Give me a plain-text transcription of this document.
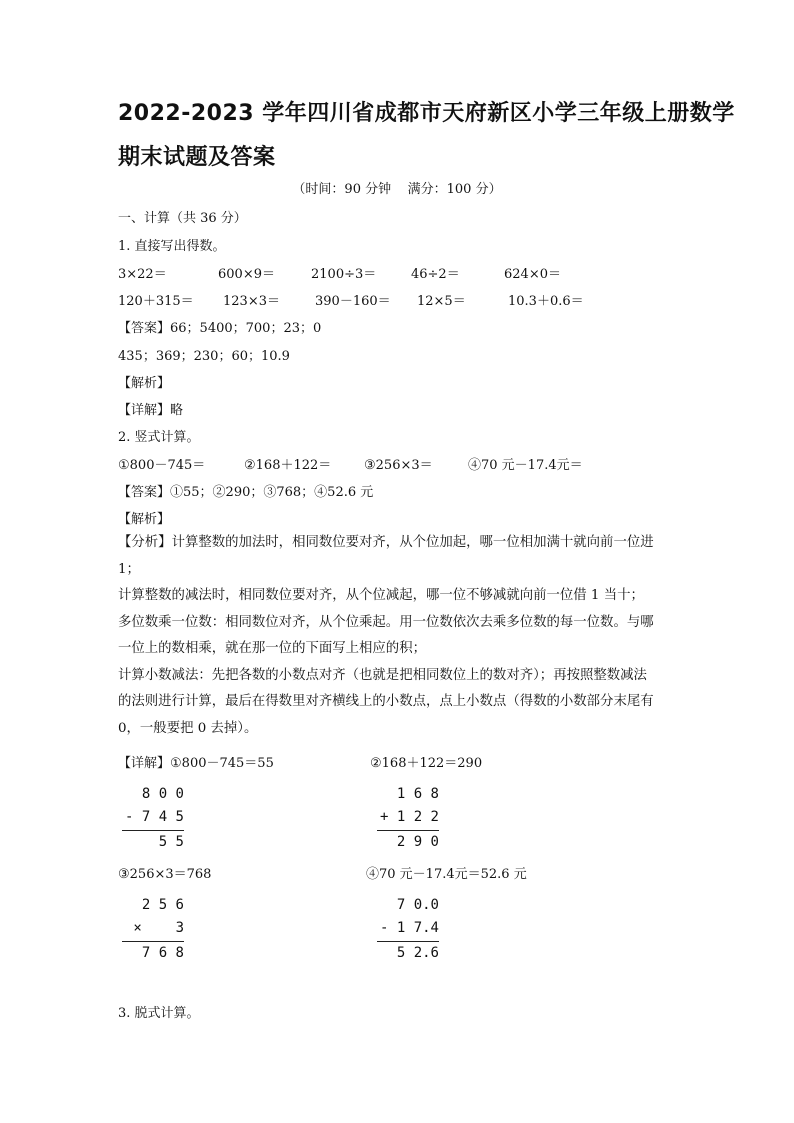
2022-2023 学年四川省成都市天府新区小学三年级上册数学
期末试题及答案
（时间：90 分钟    满分：100 分）
一、计算（共 36 分）
1. 直接写出得数。
3×22＝	600×9＝	2100÷3＝	46÷2＝	624×0＝
120＋315＝ 123×3＝	390－160＝ 12×5＝	10.3＋0.6＝
【答案】66；5400；700；23；0
435；369；230；60；10.9
【解析】
【详解】略
2. 竖式计算。
①800－745＝	②168＋122＝	③256×3＝	④70 元－17.4元＝
【答案】①55；②290；③768；④52.6 元
【解析】
【分析】计算整数的加法时，相同数位要对齐，从个位加起，哪一位相加满十就向前一位进
1；
计算整数的减法时，相同数位要对齐，从个位减起，哪一位不够减就向前一位借 1 当十；
多位数乘一位数：相同数位对齐，从个位乘起。用一位数依次去乘多位数的每一位数。与哪
一位上的数相乘，就在那一位的下面写上相应的积；
计算小数减法：先把各数的小数点对齐（也就是把相同数位上的数对齐）；再按照整数减法
的法则进行计算，最后在得数里对齐横线上的小数点，点上小数点（得数的小数部分末尾有
0，一般要把 0 去掉）。
【详解】①800－745＝55	②168＋122＝290
8 0 0
- 7 4 5
5 5
1 6 8
+ 1 2 2
2 9 0
③256×3＝768	④70 元－17.4元＝52.6 元
2 5 6
×    3
7 6 8
7 0.0
- 1 7.4
5 2.6
3. 脱式计算。
